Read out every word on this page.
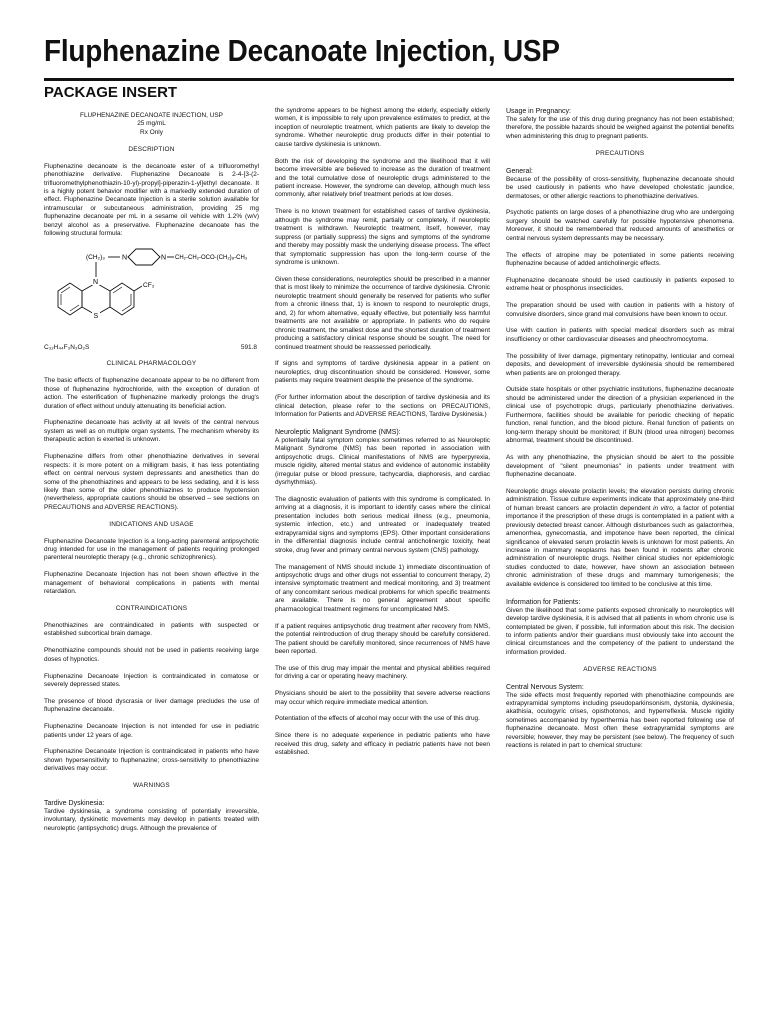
Fluphenazine Decanoate Injection, USP
PACKAGE INSERT
FLUPHENAZINE DECANOATE INJECTION, USP
25 mg/mL
Rx Only
DESCRIPTION

Fluphenazine decanoate is the decanoate ester of a trifluoromethyl phenothiazine derivative. Fluphenazine Decanoate is 2-4-[3-(2-trifluoromethylphenothiazin-10-yl)-propyl]-piperazin-1-yl]ethyl decanoate. It is a highly potent behavior modifier with a markedly extended duration of effect. Fluphenazine Decanoate Injection is a sterile solution available for intramuscular or subcutaneous administration, providing 25 mg fluphenazine decanoate per mL in a sesame oil vehicle with 1.2% (w/v) benzyl alcohol as a preservative. Fluphenazine decanoate has the following structural formula:

(CH₂)₃ N	N CH₂-CH₂-OCO-(CH₂)₈-CH₃
N
S
CF₃
C₃₂H₄₄F₃N₃O₂S	591.8
CLINICAL PHARMACOLOGY

The basic effects of fluphenazine decanoate appear to be no different from those of fluphenazine hydrochloride, with the exception of duration of action. The esterification of fluphenazine markedly prolongs the drug's duration of effect without unduly attenuating its beneficial action.

Fluphenazine decanoate has activity at all levels of the central nervous system as well as on multiple organ systems. The mechanism whereby its therapeutic action is exerted is unknown.

Fluphenazine differs from other phenothiazine derivatives in several respects: it is more potent on a milligram basis, it has less potentiating effect on central nervous system depressants and anesthetics than do some of the phenothiazines and appears to be less sedating, and it is less likely than some of the older phenothiazines to produce hypotension (nevertheless, appropriate cautions should be observed – see sections on PRECAUTIONS and ADVERSE REACTIONS).

INDICATIONS AND USAGE

Fluphenazine Decanoate Injection is a long-acting parenteral antipsychotic drug intended for use in the management of patients requiring prolonged parenteral neuroleptic therapy (e.g., chronic schizophrenics).

Fluphenazine Decanoate Injection has not been shown effective in the management of behavioral complications in patients with mental retardation.

CONTRAINDICATIONS

Phenothiazines are contraindicated in patients with suspected or established subcortical brain damage.

Phenothiazine compounds should not be used in patients receiving large doses of hypnotics.

Fluphenazine Decanoate Injection is contraindicated in comatose or severely depressed states.

The presence of blood dyscrasia or liver damage precludes the use of fluphenazine decanoate.

Fluphenazine Decanoate Injection is not intended for use in pediatric patients under 12 years of age.

Fluphenazine Decanoate Injection is contraindicated in patients who have shown hypersensitivity to fluphenazine; cross-sensitivity to phenothiazine derivatives may occur.

WARNINGS
Tardive Dyskinesia:

Tardive dyskinesia, a syndrome consisting of potentially irreversible, involuntary, dyskinetic movements may develop in patients treated with neuroleptic (antipsychotic) drugs. Although the prevalence of

the syndrome appears to be highest among the elderly, especially elderly women, it is impossible to rely upon prevalence estimates to predict, at the inception of neuroleptic treatment, which patients are likely to develop the syndrome. Whether neuroleptic drug products differ in their potential to cause tardive dyskinesia is unknown.

Both the risk of developing the syndrome and the likelihood that it will become irreversible are believed to increase as the duration of treatment and the total cumulative dose of neuroleptic drugs administered to the patient increase. However, the syndrome can develop, although much less commonly, after relatively brief treatment periods at low doses.

There is no known treatment for established cases of tardive dyskinesia, although the syndrome may remit, partially or completely, if neuroleptic treatment is withdrawn. Neuroleptic treatment, itself, however, may suppress (or partially suppress) the signs and symptoms of the syndrome and thereby may possibly mask the underlying disease process. The effect that symptomatic suppression has upon the long-term course of the syndrome is unknown.

Given these considerations, neuroleptics should be prescribed in a manner that is most likely to minimize the occurrence of tardive dyskinesia. Chronic neuroleptic treatment should generally be reserved for patients who suffer from a chronic illness that, 1) is known to respond to neuroleptic drugs, and, 2) for whom alternative, equally effective, but potentially less harmful treatments are not available or appropriate. In patients who do require chronic treatment, the smallest dose and the shortest duration of treatment producing a satisfactory clinical response should be sought. The need for continued treatment should be reassessed periodically.

If signs and symptoms of tardive dyskinesia appear in a patient on neuroleptics, drug discontinuation should be considered. However, some patients may require treatment despite the presence of the syndrome.

(For further information about the description of tardive dyskinesia and its clinical detection, please refer to the sections on PRECAUTIONS, Information for Patients and ADVERSE REACTIONS, Tardive Dyskinesia.)

Neuroleptic Malignant Syndrome (NMS):

A potentially fatal symptom complex sometimes referred to as Neuroleptic Malignant Syndrome (NMS) has been reported in association with antipsychotic drugs. Clinical manifestations of NMS are hyperpyrexia, muscle rigidity, altered mental status and evidence of autonomic instability (irregular pulse or blood pressure, tachycardia, diaphoresis, and cardiac dysrhythmias).

The diagnostic evaluation of patients with this syndrome is complicated. In arriving at a diagnosis, it is important to identify cases where the clinical presentation includes both serious medical illness (e.g., pneumonia, systemic infection, etc.) and untreated or inadequately treated extrapyramidal signs and symptoms (EPS). Other important considerations in the differential diagnosis include central anticholinergic toxicity, heat stroke, drug fever and primary central nervous system (CNS) pathology.

The management of NMS should include 1) immediate discontinuation of antipsychotic drugs and other drugs not essential to concurrent therapy, 2) intensive symptomatic treatment and medical monitoring, and 3) treatment of any concomitant serious medical problems for which specific treatments are available. There is no general agreement about specific pharmacological treatment regimens for uncomplicated NMS.

If a patient requires antipsychotic drug treatment after recovery from NMS, the potential reintroduction of drug therapy should be carefully considered. The patient should be carefully monitored, since recurrences of NMS have been reported.

The use of this drug may impair the mental and physical abilities required for driving a car or operating heavy machinery.

Physicians should be alert to the possibility that severe adverse reactions may occur which require immediate medical attention.

Potentiation of the effects of alcohol may occur with the use of this drug.

Since there is no adequate experience in pediatric patients who have received this drug, safety and efficacy in pediatric patients have not been established.

Usage in Pregnancy:

The safety for the use of this drug during pregnancy has not been established; therefore, the possible hazards should be weighed against the potential benefits when administering this drug to pregnant patients.

PRECAUTIONS
General:

Because of the possibility of cross-sensitivity, fluphenazine decanoate should be used cautiously in patients who have developed cholestatic jaundice, dermatoses, or other allergic reactions to phenothiazine derivatives.

Psychotic patients on large doses of a phenothiazine drug who are undergoing surgery should be watched carefully for possible hypotensive phenomena. Moreover, it should be remembered that reduced amounts of anesthetics or central nervous system depressants may be necessary.

The effects of atropine may be potentiated in some patients receiving fluphenazine because of added anticholinergic effects.

Fluphenazine decanoate should be used cautiously in patients exposed to extreme heat or phosphorus insecticides.

The preparation should be used with caution in patients with a history of convulsive disorders, since grand mal convulsions have been known to occur.

Use with caution in patients with special medical disorders such as mitral insufficiency or other cardiovascular diseases and pheochromocytoma.

The possibility of liver damage, pigmentary retinopathy, lenticular and corneal deposits, and development of irreversible dyskinesia should be remembered when patients are on prolonged therapy.

Outside state hospitals or other psychiatric institutions, fluphenazine decanoate should be administered under the direction of a physician experienced in the clinical use of psychotropic drugs, particularly phenothiazine derivatives. Furthermore, facilities should be available for periodic checking of hepatic function, renal function, and the blood picture. Renal function of patients on long-term therapy should be monitored; if BUN (blood urea nitrogen) becomes abnormal, treatment should be discontinued.

As with any phenothiazine, the physician should be alert to the possible development of "silent pneumonias" in patients under treatment with fluphenazine decanoate.

Neuroleptic drugs elevate prolactin levels; the elevation persists during chronic administration. Tissue culture experiments indicate that approximately one-third of human breast cancers are prolactin dependent in vitro, a factor of potential importance if the prescription of these drugs is contemplated in a patient with a previously detected breast cancer. Although disturbances such as galactorrhea, amenorrhea, gynecomastia, and impotence have been reported, the clinical significance of elevated serum prolactin levels is unknown for most patients. An increase in mammary neoplasms has been found in rodents after chronic administration of neuroleptic drugs. Neither clinical studies nor epidemiologic studies conducted to date, however, have shown an association between chronic administration of these drugs and mammary tumorigenesis; the available evidence is considered too limited to be conclusive at this time.

Information for Patients:

Given the likelihood that some patients exposed chronically to neuroleptics will develop tardive dyskinesia, it is advised that all patients in whom chronic use is contemplated be given, if possible, full information about this risk. The decision to inform patients and/or their guardians must obviously take into account the clinical circumstances and the competency of the patient to understand the information provided.

ADVERSE REACTIONS
Central Nervous System:

The side effects most frequently reported with phenothiazine compounds are extrapyramidal symptoms including pseudoparkinsonism, dystonia, dyskinesia, akathisia, oculogyric crises, opisthotonos, and hyperreflexia. Muscle rigidity sometimes accompanied by hyperthermia has been reported following use of fluphenazine decanoate. Most often these extrapyramidal symptoms are reversible; however, they may be persistent (see below). The frequency of such reactions is related in part to chemical structure:
